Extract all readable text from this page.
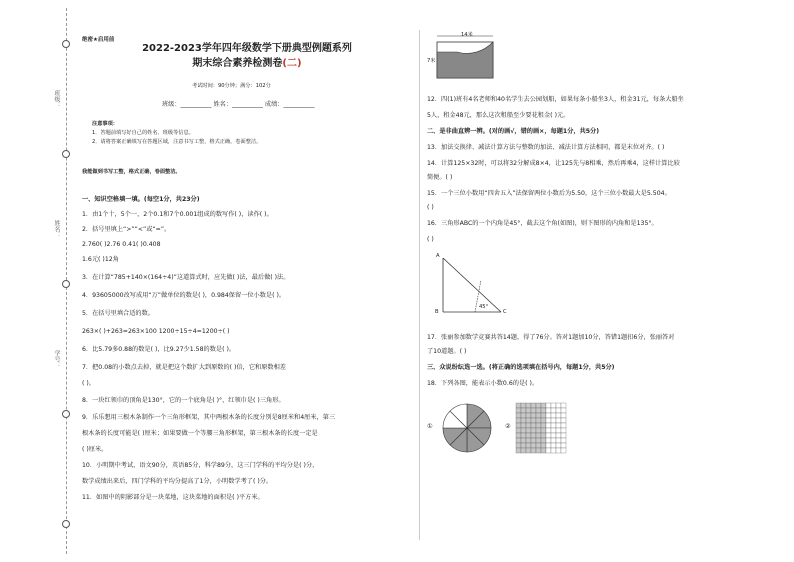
班级：
姓名：
学号：
绝密★启用前
2022-2023学年四年级数学下册典型例题系列
期末综合素养检测卷(二)
考试时间：90分钟；满分：102分
班级：__________ 姓名：__________ 成绩：__________
注意事项：
1．答题前填写好自己的姓名、班级等信息。
2．请将答案正确填写在答题区域，注意书写工整，格式正确，卷面整洁。
我能做到书写工整，格式正确，卷面整洁。
一、知识空格填一填。(每空1分，共23分)
1．由1个十，5个一，2个0.1和7个0.001组成的数写作( )，读作( )。
2．括号里填上“>”“<”或“=”。
2.760( )2.76 0.41( )0.408
1.6元( )12角
3．在计算“785+140×(164÷4)”这道算式时，应先做( )法，最后做( )法。
4．93605000改写成用“万”做单位的数是( )，0.984保留一位小数是( )。
5．在括号里填合适的数。
263×( )+263=263×100 1200÷15÷4=1200÷( )
6．比5.79多0.88的数是( )，比9.27少1.58的数是( )。
7．把0.08的小数点去掉，就是把这个数扩大到原数的( )倍，它和原数相差
( )。
8．一块红领巾的顶角是130°，它的一个底角是( )°，红领巾是( )三角形。
9．乐乐想用三根木条制作一个三角形框架，其中两根木条的长度分别是8厘米和4厘米，第三
根木条的长度可能是( )厘米；如果要做一个等腰三角形框架，第三根木条的长度一定是
( )厘米。
10．小明期中考试，语文90分，英语85分，科学89分，这三门学科的平均分是( )分，
数学成绩出来后，四门学科的平均分提高了1分，小明数学考了( )分。
11．如图中的阴影部分是一块菜地，这块菜地的面积是( )平方米。
14米
7米
12．四(1)班有4名老师和40名学生去公园划船，如果每条小船坐3人，租金31元，每条大船坐
5人，租金48元，那么这次租船至少要花租金( )元。
二、是非曲直辨一辨。(对的画√，错的画×，每题1分，共5分)
13．加法交换律、减法计算方法与整数的加法、减法计算方法相同，都是末位对齐。( )
14．计算125×32时，可以将32分解成8×4，让125先与8相乘，然后再乘4，这样计算比较
简便。( )
15．一个三位小数用“四舍五入”法保留两位小数后为5.50，这个三位小数最大是5.504。
( )
16．三角形ABC的一个内角是45°，截去这个角(如图)，则下图形的内角和是135°。
( )
A
B	C
45°
17．张丽参加数学竞赛共答14题，得了76分。答对1题加10分，答错1题扣6分，张丽答对
了10道题。( )
三、众说纷纭选一选。(将正确的选项填在括号内，每题1分，共5分)
18．下列各图，能表示小数0.6的是( )。
①	②
